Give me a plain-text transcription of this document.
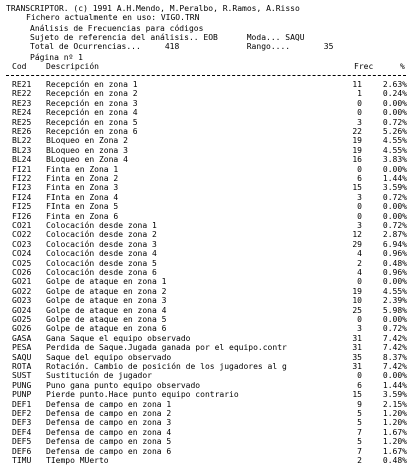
TRANSCRIPTOR. (c) 1991 A.H.Mendo, M.Peralbo, R.Ramos, A.Risso
Fichero actualmente en uso: VIGO.TRN
Análisis de Frecuencias para códigos
Sujeto de referencia del análisis.. EOB      Moda... SAQU
Total de Ocurrencias...     418              Rango....       35
Página nº 1
Cod Descripción	Frec	%
RE21 Recepción en zona 1	11	2.63%
RE22 Recepción en zona 2	1	0.24%
RE23 Recepción en zona 3	0	0.00%
RE24 Recepción en zona 4	0	0.00%
RE25 Recepción en zona 5	3	0.72%
RE26 Recepción en zona 6	22	5.26%
BL22 BLoqueo en Zona 2	19	4.55%
BL23 BLoqueo en zona 3	19	4.55%
BL24 BLoqueo en Zona 4	16	3.83%
FI21 Finta en Zona 1	0	0.00%
FI22 Finta en Zona 2	6	1.44%
FI23 Finta en Zona 3	15	3.59%
FI24 FInta en Zona 4	3	0.72%
FI25 FInta en Zona 5	0	0.00%
FI26 Finta en Zona 6	0	0.00%
CO21 Colocación desde zona 1	3	0.72%
CO22 Colocación desde zona 2	12	2.87%
CO23 Colocación desde zona 3	29	6.94%
CO24 Colocación desde zona 4	4	0.96%
CO25 Colocación desde zona 5	2	0.48%
CO26 Colocación desde zona 6	4	0.96%
GO21 Golpe de ataque en zona 1	0	0.00%
GO22 Golpe de ataque en zona 2	19	4.55%
GO23 Golpe de ataque en zona 3	10	2.39%
GO24 Golpe de ataque en zona 4	25	5.98%
GO25 Golpe de ataque en zona 5	0	0.00%
GO26 Golpe de ataque en zona 6	3	0.72%
GASA Gana Saque el equipo observado	31	7.42%
PESA Perdida de Saque.Jugada ganada por el equipo.contr	31	7.42%
SAQU Saque del equipo observado	35	8.37%
ROTA Rotación. Cambio de posición de los jugadores al g	31	7.42%
SUST Sustitución de jugador	0	0.00%
PUNG Puno gana punto equipo observado	6	1.44%
PUNP Pierde punto.Hace punto equipo contrario	15	3.59%
DEF1 Defensa de campo en zona 1	9	2.15%
DEF2 Defensa de campo en zona 2	5	1.20%
DEF3 Defensa de campo en zona 3	5	1.20%
DEF4 Defensa de campo en zona 4	7	1.67%
DEF5 Defensa de campo en zona 5	5	1.20%
DEF6 Defensa de campo en zona 6	7	1.67%
TIMU TIempo MUerto	2	0.48%
